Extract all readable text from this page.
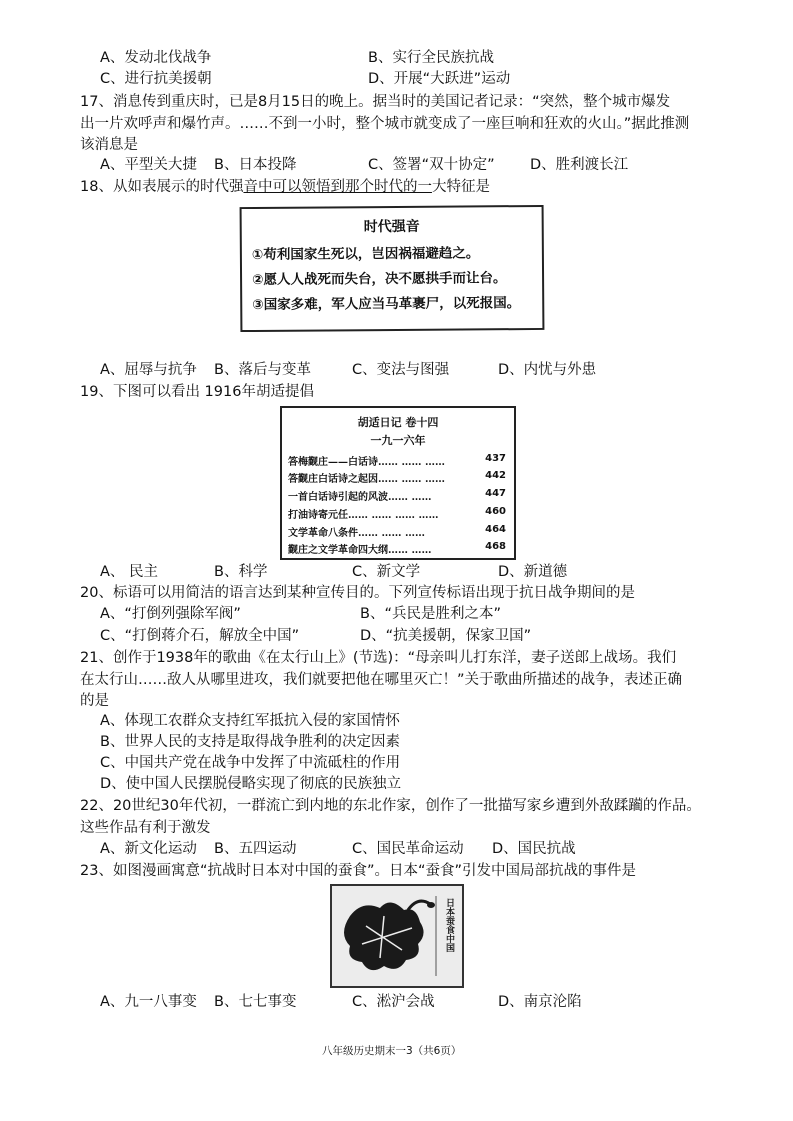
A、发动北伐战争	B、实行全民族抗战
C、进行抗美援朝	D、开展“大跃进”运动
17、消息传到重庆时，已是8月15日的晚上。据当时的美国记者记录：“突然，整个城市爆发
出一片欢呼声和爆竹声。……不到一小时，整个城市就变成了一座巨响和狂欢的火山。”据此推测
该消息是
A、平型关大捷 B、日本投降	C、签署“双十协定” D、胜利渡长江
18、从如表展示的时代强音中可以领悟到那个时代的一大特征是
时代强音
①苟利国家生死以，岂因祸福避趋之。
②愿人人战死而失台，决不愿拱手而让台。
③国家多难，军人应当马革裹尸，以死报国。
A、屈辱与抗争 B、落后与变革	C、变法与图强	D、内忧与外患
19、下图可以看出 1916年胡适提倡
胡适日记 卷十四
一九一六年
答梅觐庄——白话诗…… …… ……	437
答觐庄白话诗之起因…… …… ……	442
一首白话诗引起的风波…… ……	447
打油诗寄元任…… …… …… ……	460
文学革命八条件…… …… ……	464
觐庄之文学革命四大纲…… ……	468
A、 民主	B、科学	C、新文学	D、新道德
20、标语可以用简洁的语言达到某种宣传目的。下列宣传标语出现于抗日战争期间的是
A、“打倒列强除军阀”	B、“兵民是胜利之本”
C、“打倒蒋介石，解放全中国”	D、“抗美援朝，保家卫国”
21、创作于1938年的歌曲《在太行山上》(节选)：“母亲叫儿打东洋，妻子送郎上战场。我们
在太行山……敌人从哪里进攻，我们就要把他在哪里灭亡！”关于歌曲所描述的战争，表述正确
的是
A、体现工农群众支持红军抵抗入侵的家国情怀
B、世界人民的支持是取得战争胜利的决定因素
C、中国共产党在战争中发挥了中流砥柱的作用
D、使中国人民摆脱侵略实现了彻底的民族独立
22、20世纪30年代初，一群流亡到内地的东北作家，创作了一批描写家乡遭到外敌蹂躏的作品。
这些作品有利于激发
A、新文化运动 B、五四运动	C、国民革命运动 D、国民抗战
23、如图漫画寓意“抗战时日本对中国的蚕食”。日本“蚕食”引发中国局部抗战的事件是
日本蚕食中国
A、九一八事变 B、七七事变	C、淞沪会战	D、南京沦陷
八年级历史期末一3（共6页）
